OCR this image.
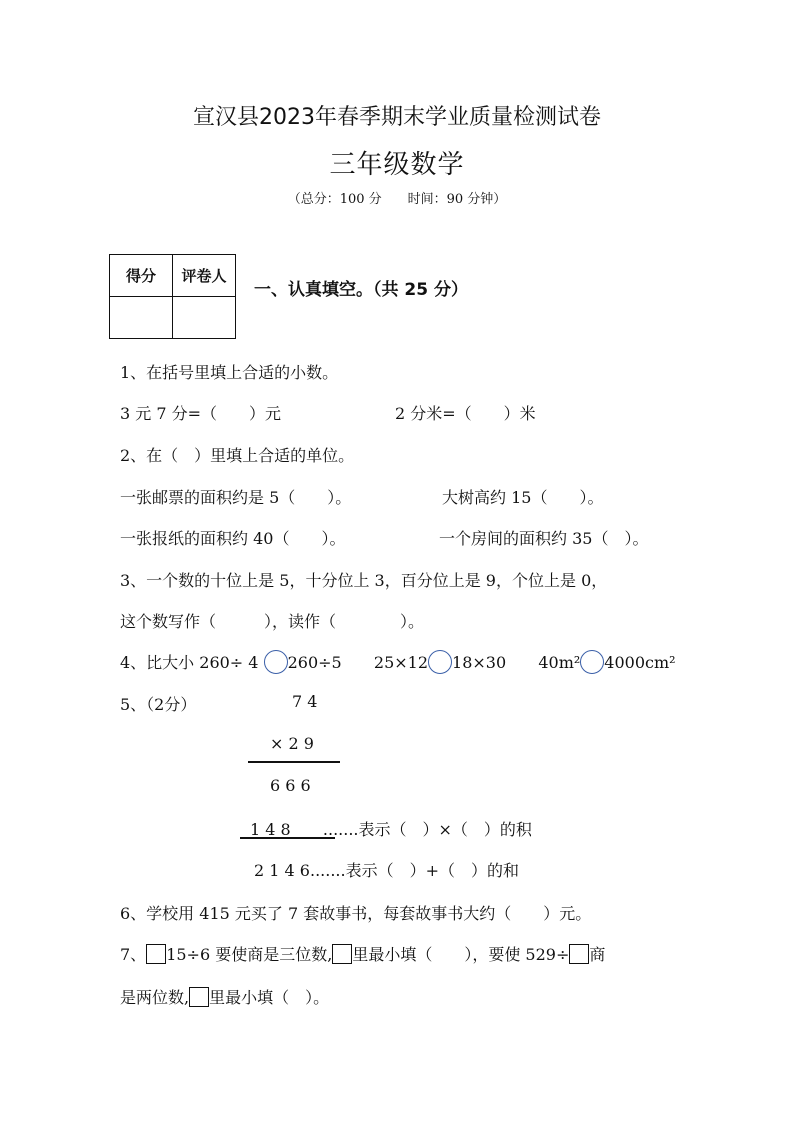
宣汉县2023年春季期末学业质量检测试卷
三年级数学
（总分：100 分　　时间：90 分钟）
得分	评卷人

一、认真填空。（共 25 分）
1、在括号里填上合适的小数。
3 元 7 分=（　　）元	2 分米=（　　）米
2、在（　）里填上合适的单位。
一张邮票的面积约是 5（　　）。	大树高约 15（　　）。
一张报纸的面积约 40（　　）。	一个房间的面积约 35（　）。
3、一个数的十位上是 5，十分位上 3，百分位上是 9，个位上是 0，
这个数写作（　　　），读作（　　　　）。
4、比大小 260÷ 4 260÷5 25×12 18×30 40m² 4000cm²
5、（2分）	7 4
× 2 9
6 6 6
1 4 8 .......表示（　）×（　）的积
2 1 4 6.......表示（　）+（　）的和
6、学校用 415 元买了 7 套故事书，每套故事书大约（　　）元。
7、 15÷6 要使商是三位数, 里最小填（　　），要使 529÷ 商
是两位数, 里最小填（　）。
